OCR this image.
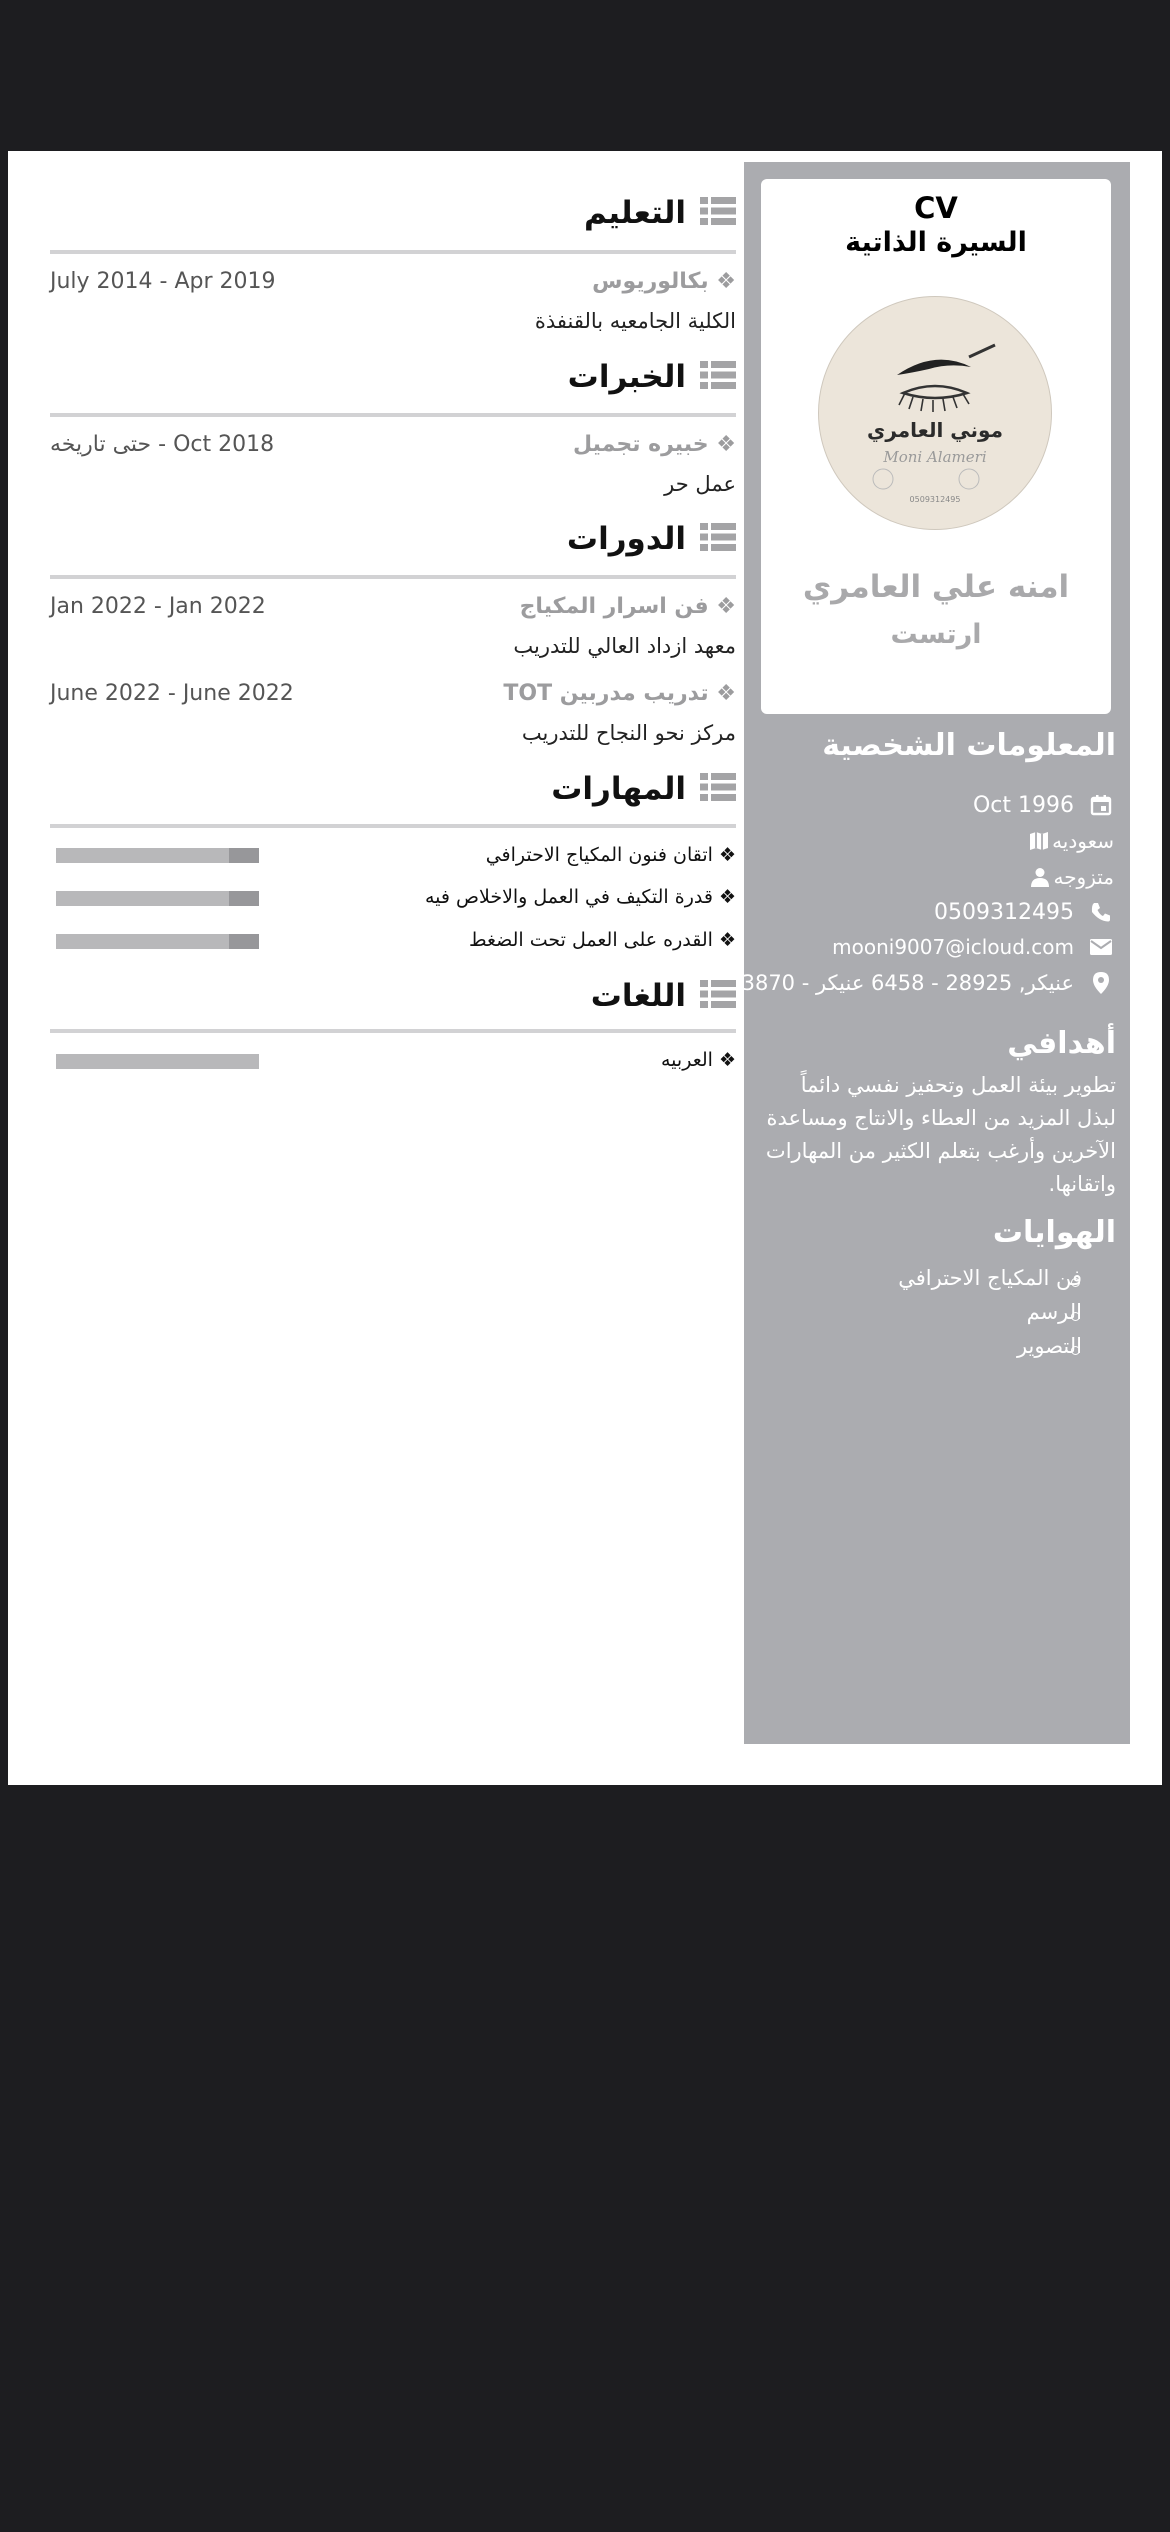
CV
السيرة الذاتية
موني العامري
Moni Alameri
0509312495
امنه علي العامري
ارتست
المعلومات الشخصية
Oct 1996
سعوديه
متزوجه
0509312495
mooni9007@icloud.com
3870 - عنيكر, 28925 - 6458 عنيكر
أهدافي
تطوير بيئة العمل وتحفيز نفسي دائماً لبذل المزيد من العطاء والانتاج ومساعدة الآخرين وأرغب بتعلم الكثير من المهارات واتقانها.
الهوايات
فن المكياج الاحترافي
الرسم
التصوير
التعليم
❖ بكالوريوس
July 2014 - Apr 2019
الكلية الجامعيه بالقنفذة
الخبرات
❖ خبيره تجميل
Oct 2018 - حتى تاريخه
عمل حر
الدورات
❖ فن اسرار المكياج
Jan 2022 - Jan 2022
معهد ازداد العالي للتدريب
❖ تدريب مدربين TOT
June 2022 - June 2022
مركز نحو النجاح للتدريب
المهارات
❖ اتقان فنون المكياج الاحترافي
❖ قدرة التكيف في العمل والاخلاص فيه
❖ القدره على العمل تحت الضغط
اللغات
❖ العربيه
